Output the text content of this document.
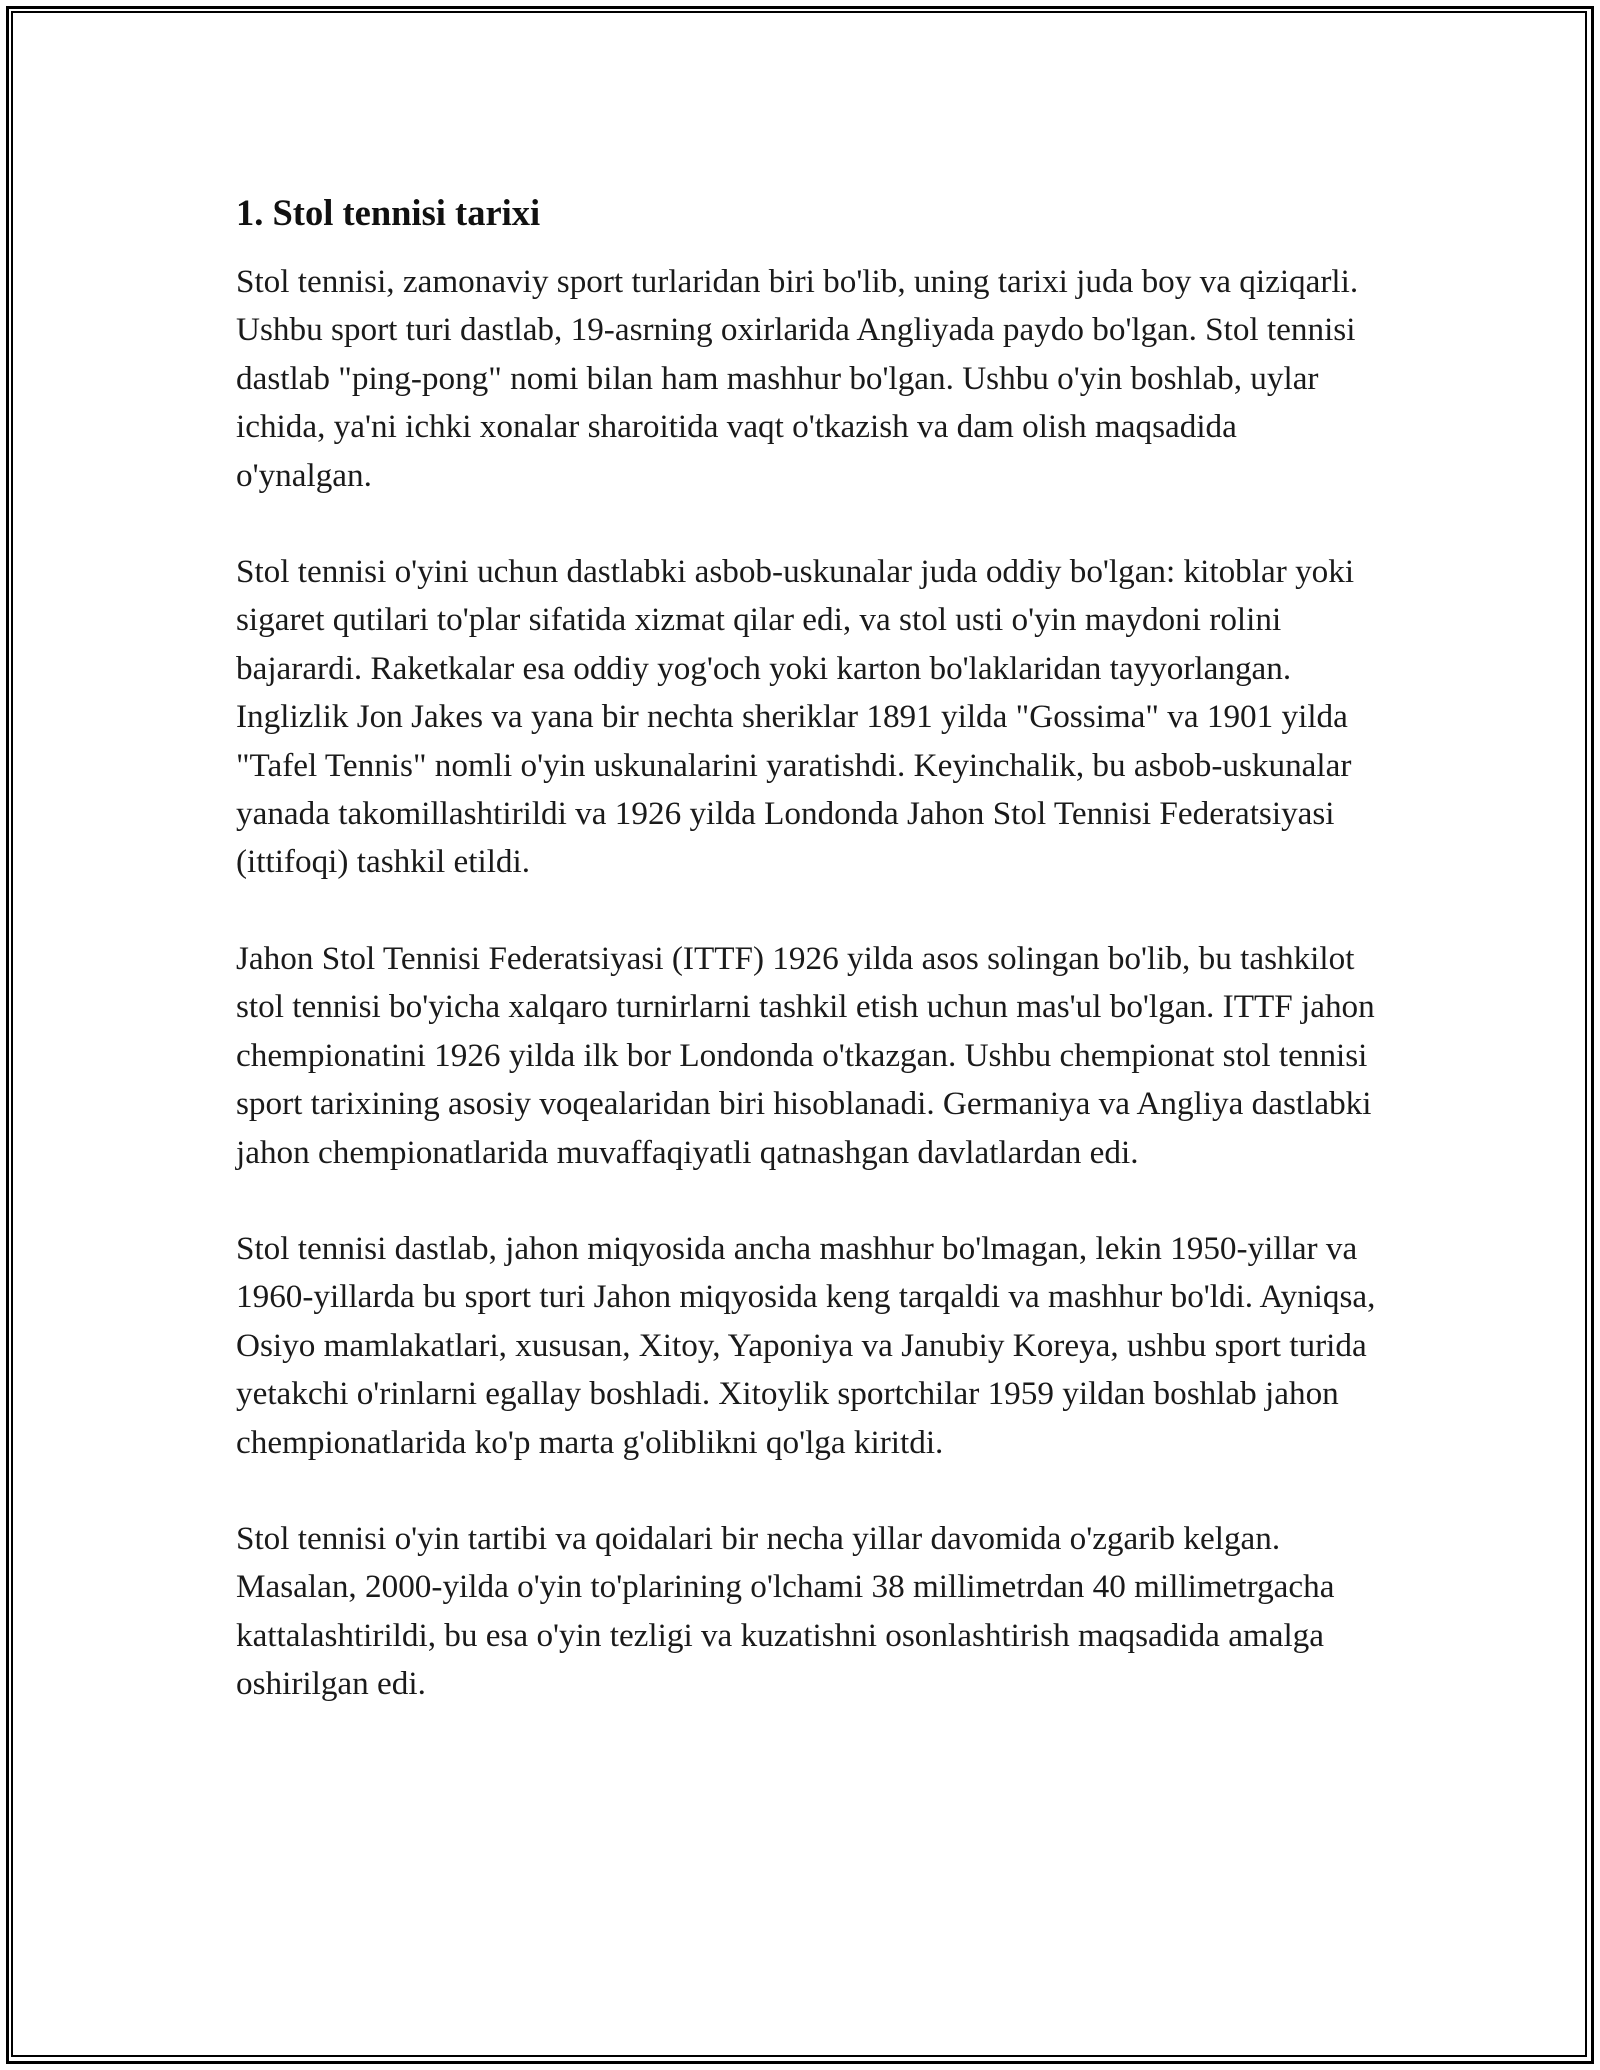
1. Stol tennisi tarixi

Stol tennisi, zamonaviy sport turlaridan biri bo'lib, uning tarixi juda boy va qiziqarli. Ushbu sport turi dastlab, 19-asrning oxirlarida Angliyada paydo bo'lgan. Stol tennisi dastlab "ping-pong" nomi bilan ham mashhur bo'lgan. Ushbu o'yin boshlab, uylar ichida, ya'ni ichki xonalar sharoitida vaqt o'tkazish va dam olish maqsadida o'ynalgan.

Stol tennisi o'yini uchun dastlabki asbob-uskunalar juda oddiy bo'lgan: kitoblar yoki sigaret qutilari to'plar sifatida xizmat qilar edi, va stol usti o'yin maydoni rolini bajarardi. Raketkalar esa oddiy yog'och yoki karton bo'laklaridan tayyorlangan. Inglizlik Jon Jakes va yana bir nechta sheriklar 1891 yilda "Gossima" va 1901 yilda "Tafel Tennis" nomli o'yin uskunalarini yaratishdi. Keyinchalik, bu asbob-uskunalar yanada takomillashtirildi va 1926 yilda Londonda Jahon Stol Tennisi Federatsiyasi (ittifoqi) tashkil etildi.

Jahon Stol Tennisi Federatsiyasi (ITTF) 1926 yilda asos solingan bo'lib, bu tashkilot stol tennisi bo'yicha xalqaro turnirlarni tashkil etish uchun mas'ul bo'lgan. ITTF jahon chempionatini 1926 yilda ilk bor Londonda o'tkazgan. Ushbu chempionat stol tennisi sport tarixining asosiy voqealaridan biri hisoblanadi. Germaniya va Angliya dastlabki jahon chempionatlarida muvaffaqiyatli qatnashgan davlatlardan edi.

Stol tennisi dastlab, jahon miqyosida ancha mashhur bo'lmagan, lekin 1950-yillar va 1960-yillarda bu sport turi Jahon miqyosida keng tarqaldi va mashhur bo'ldi. Ayniqsa, Osiyo mamlakatlari, xususan, Xitoy, Yaponiya va Janubiy Koreya, ushbu sport turida yetakchi o'rinlarni egallay boshladi. Xitoylik sportchilar 1959 yildan boshlab jahon chempionatlarida ko'p marta g'oliblikni qo'lga kiritdi.

Stol tennisi o'yin tartibi va qoidalari bir necha yillar davomida o'zgarib kelgan. Masalan, 2000-yilda o'yin to'plarining o'lchami 38 millimetrdan 40 millimetrgacha kattalashtirildi, bu esa o'yin tezligi va kuzatishni osonlashtirish maqsadida amalga oshirilgan edi.
